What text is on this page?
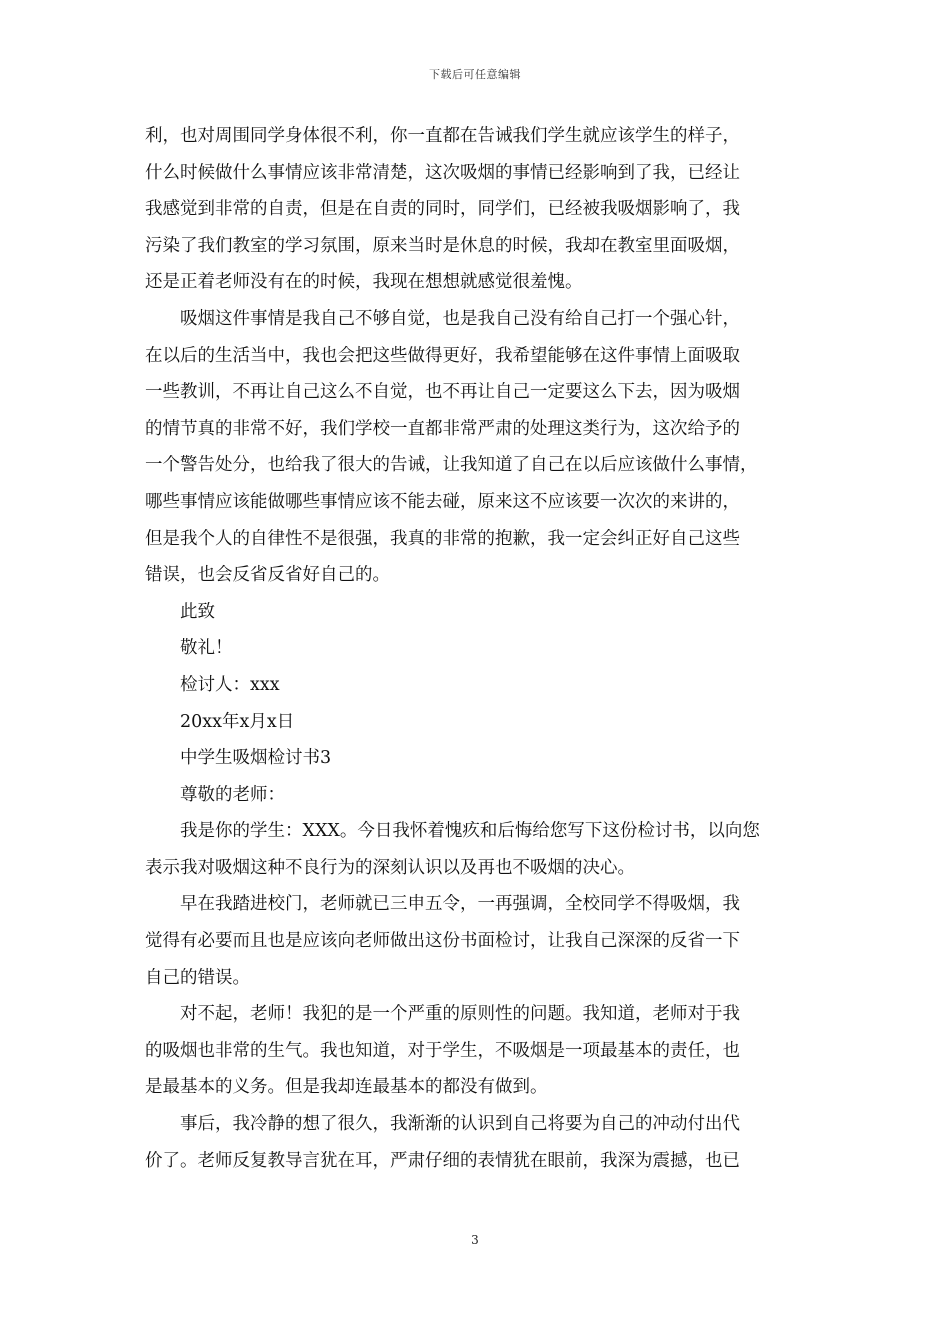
下载后可任意编辑

利，也对周围同学身体很不利，你一直都在告诫我们学生就应该学生的样子，
什么时候做什么事情应该非常清楚，这次吸烟的事情已经影响到了我，已经让
我感觉到非常的自责，但是在自责的同时，同学们，已经被我吸烟影响了，我
污染了我们教室的学习氛围，原来当时是休息的时候，我却在教室里面吸烟，
还是正着老师没有在的时候，我现在想想就感觉很羞愧。

吸烟这件事情是我自己不够自觉，也是我自己没有给自己打一个强心针，
在以后的生活当中，我也会把这些做得更好，我希望能够在这件事情上面吸取
一些教训，不再让自己这么不自觉，也不再让自己一定要这么下去，因为吸烟
的情节真的非常不好，我们学校一直都非常严肃的处理这类行为，这次给予的
一个警告处分，也给我了很大的告诫，让我知道了自己在以后应该做什么事情，
哪些事情应该能做哪些事情应该不能去碰，原来这不应该要一次次的来讲的，
但是我个人的自律性不是很强，我真的非常的抱歉，我一定会纠正好自己这些
错误，也会反省反省好自己的。

此致

敬礼！

检讨人：xxx

20xx年x月x日

中学生吸烟检讨书3

尊敬的老师：

我是你的学生：XXX。今日我怀着愧疚和后悔给您写下这份检讨书，以向您
表示我对吸烟这种不良行为的深刻认识以及再也不吸烟的决心。

早在我踏进校门，老师就已三申五令，一再强调，全校同学不得吸烟，我
觉得有必要而且也是应该向老师做出这份书面检讨，让我自己深深的反省一下
自己的错误。

对不起，老师！我犯的是一个严重的原则性的问题。我知道，老师对于我
的吸烟也非常的生气。我也知道，对于学生，不吸烟是一项最基本的责任，也
是最基本的义务。但是我却连最基本的都没有做到。

事后，我冷静的想了很久，我渐渐的认识到自己将要为自己的冲动付出代
价了。老师反复教导言犹在耳，严肃仔细的表情犹在眼前，我深为震撼，也已

3
